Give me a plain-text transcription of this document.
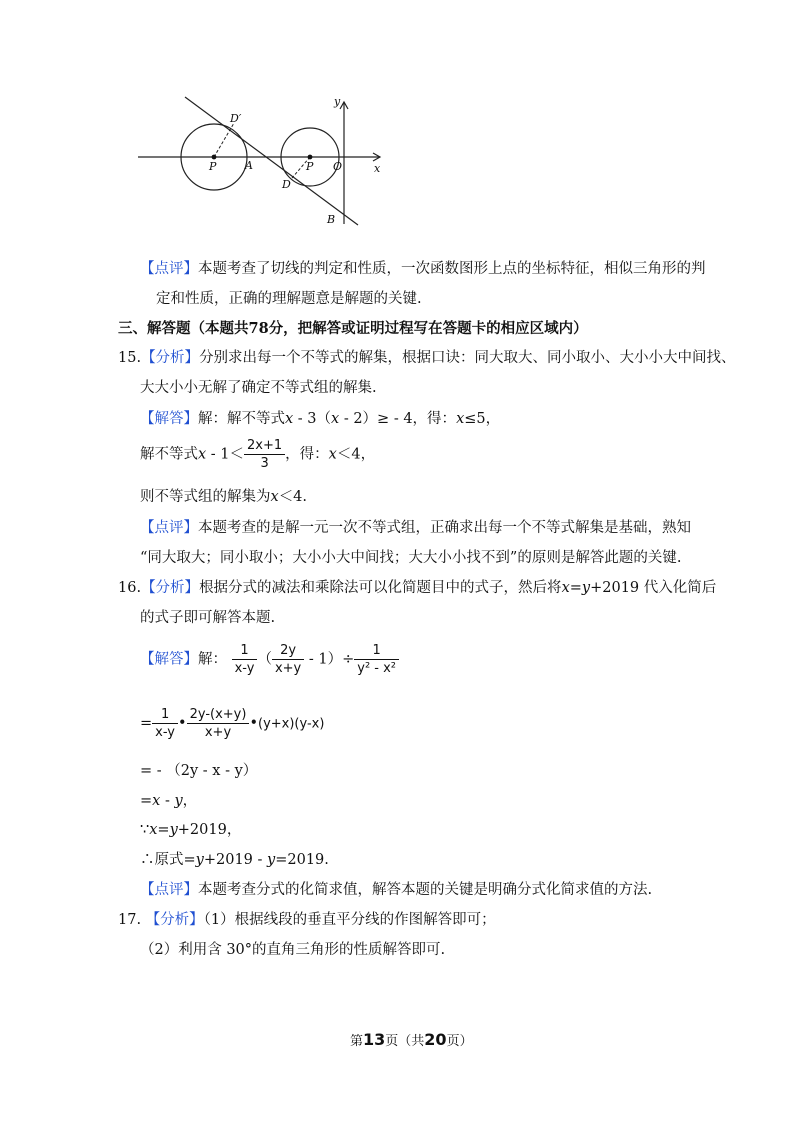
D′
P	A	P O	x
y
D
B
【点评】本题考查了切线的判定和性质，一次函数图形上点的坐标特征，相似三角形的判
定和性质，正确的理解题意是解题的关键.
三、解答题（本题共78分，把解答或证明过程写在答题卡的相应区域内）
15.【分析】分别求出每一个不等式的解集，根据口诀：同大取大、同小取小、大小小大中间找、
大大小小无解了确定不等式组的解集.
【解答】解：解不等式x - 3（x - 2）≥ - 4，得：x≤5，
解不等式$x - 1< \frac{2x+1}{3}$ ，得：x＜4，
则不等式组的解集为x＜4.
【点评】本题考查的是解一元一次不等式组，正确求出每一个不等式解集是基础，熟知
“同大取大；同小取小；大小小大中间找；大大小小找不到”的原则是解答此题的关键.
16.【分析】根据分式的减法和乘除法可以化简题目中的式子，然后将x=y+2019 代入化简后
的式子即可解答本题.
【解答】解： $\frac{1}{x-y}$ （ $\frac{2y}{x+y} - 1)\div \frac{1}{\text{y² - x²}}$
= $\frac{1}{x-y}$ • $\frac{2y-(x+y)}{x+y}$ •(y+x)(y-x)
= - （2y - x - y）
=x - y，
∵x=y+2019，
∴原式=y+2019 - y=2019.
【点评】本题考查分式的化简求值，解答本题的关键是明确分式化简求值的方法.
17. 【分析】（1）根据线段的垂直平分线的作图解答即可；
（2）利用含 30°的直角三角形的性质解答即可.
第13页（共20页）
